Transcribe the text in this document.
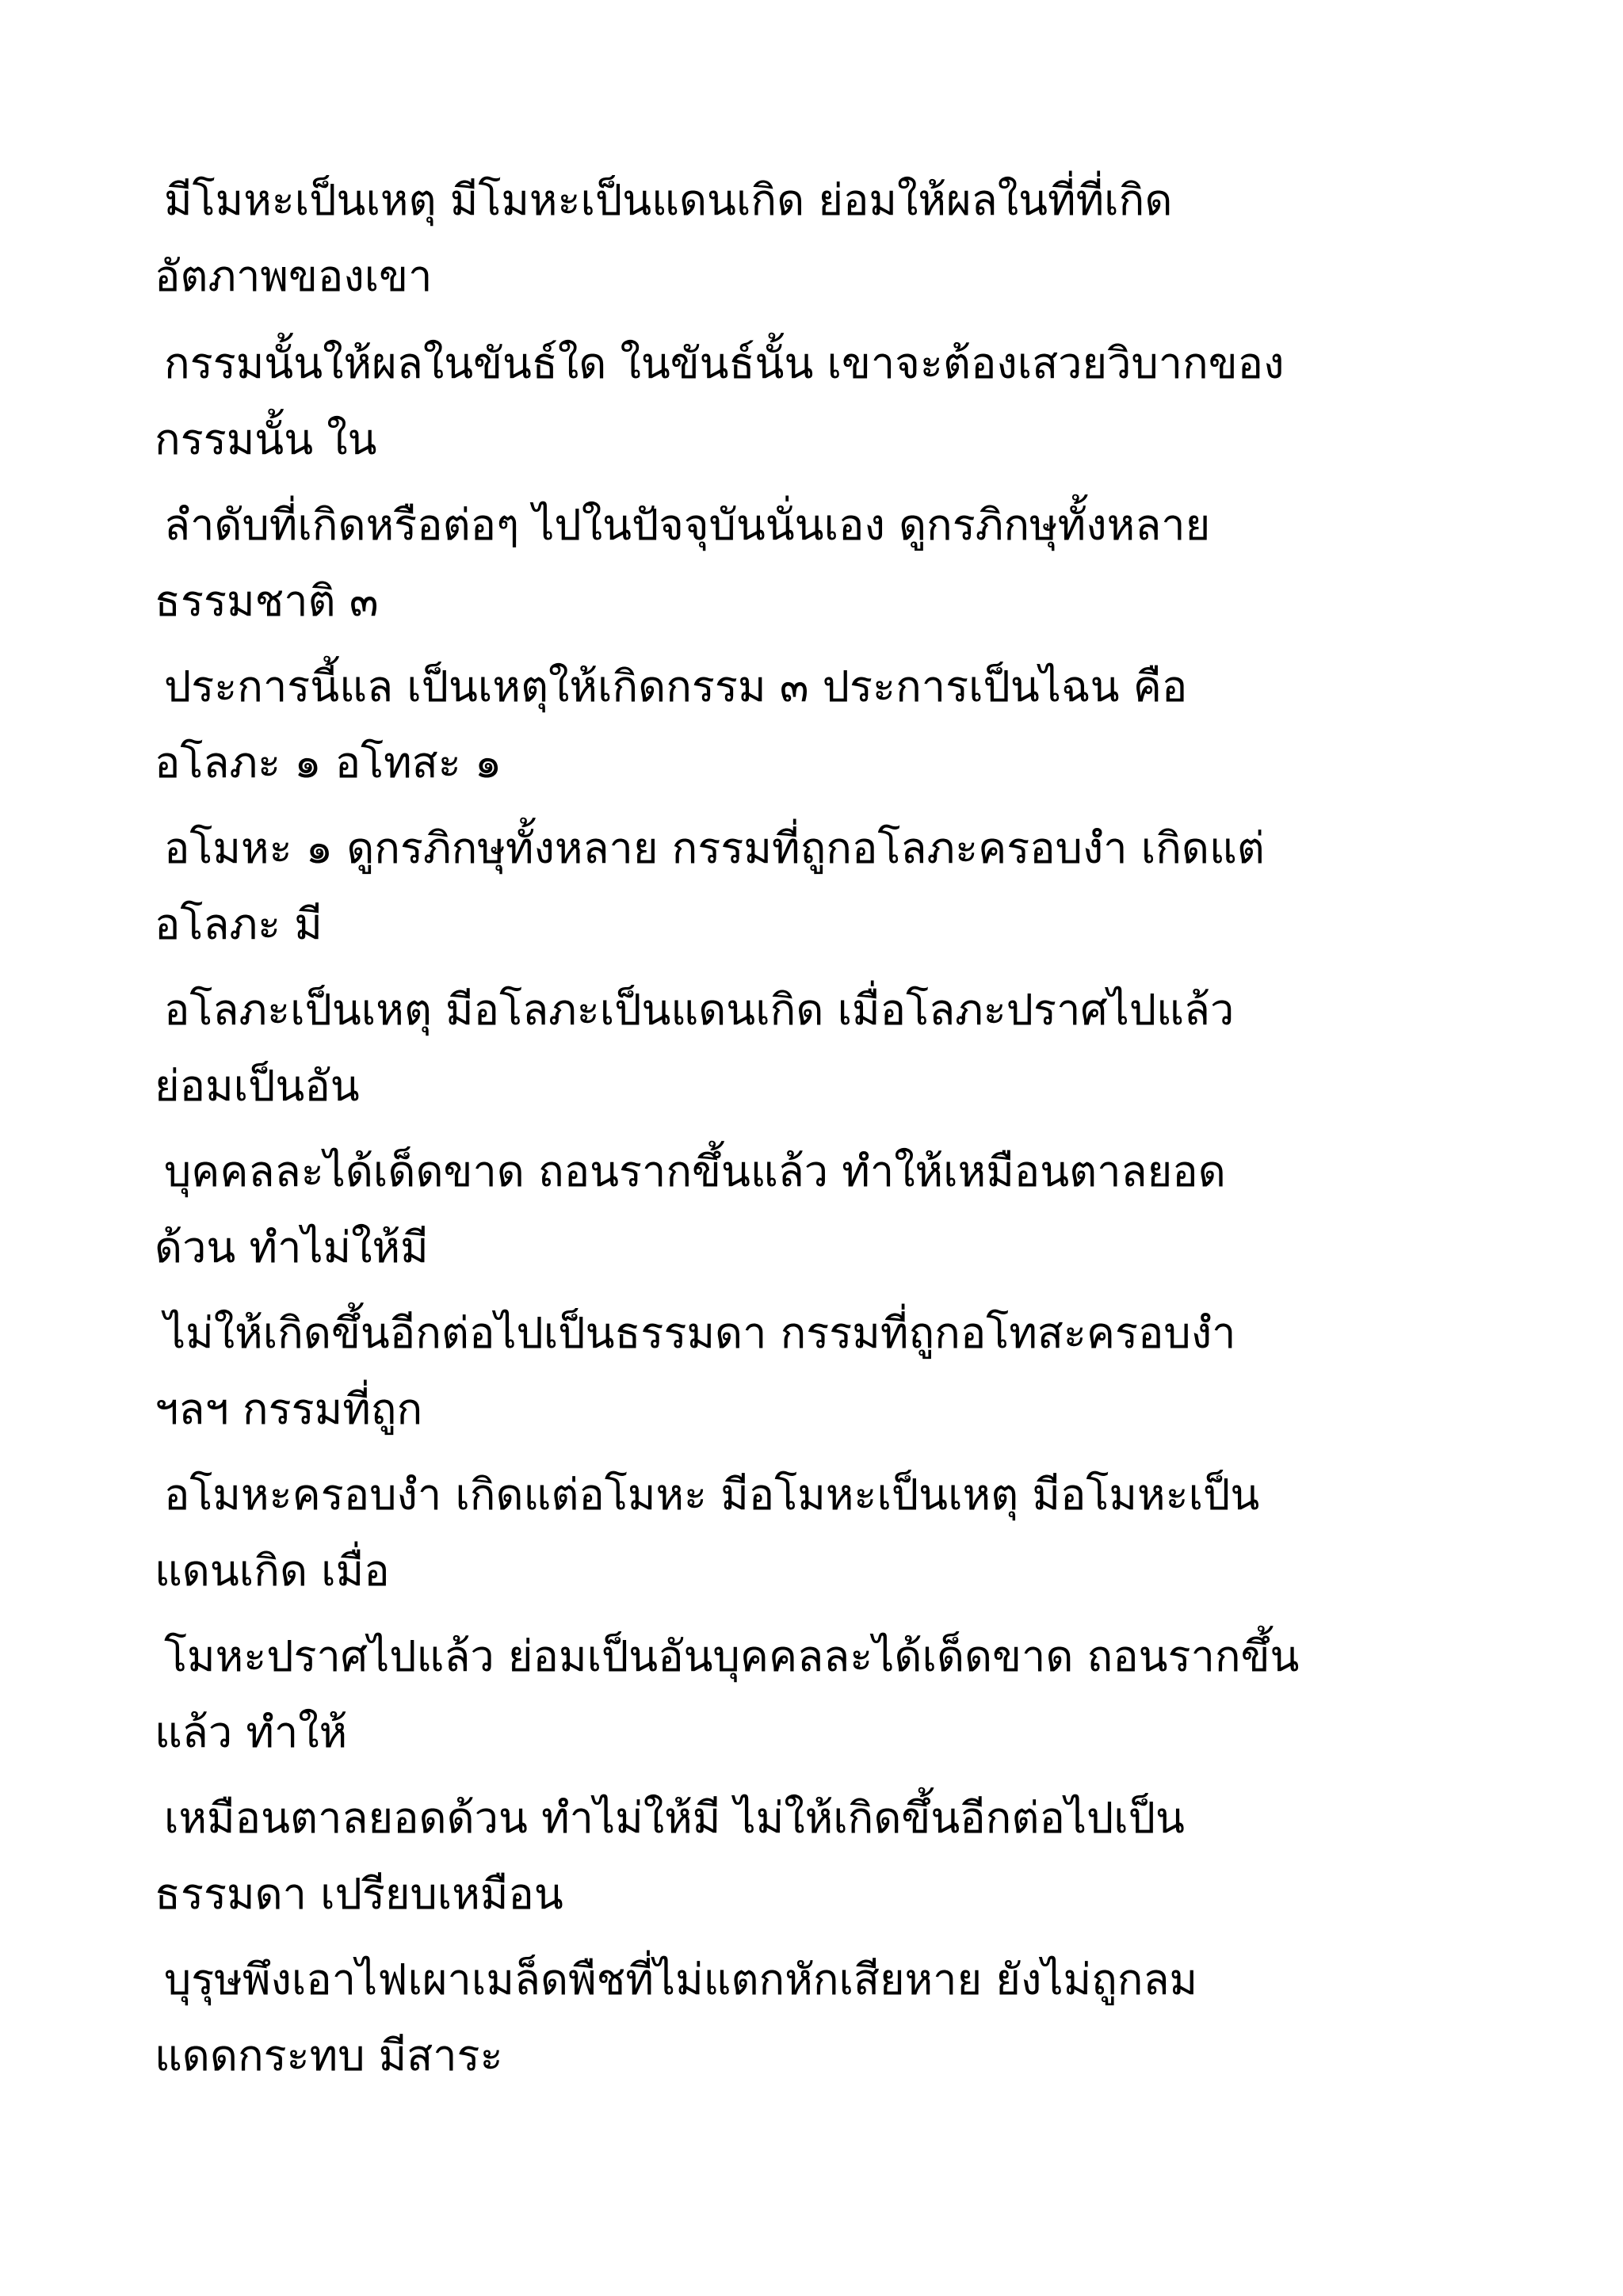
มีโมหะเป็นเหตุ มีโมหะเป็นแดนเกิด ย่อมให้ผลในที่ที่เกิด
อัตภาพของเขา
กรรมนั้นให้ผลในขันธ์ใด ในขันธ์นั้น เขาจะต้องเสวยวิบากของ
กรรมนั้น ใน
ลำดับที่เกิดหรือต่อๆ ไปในปัจจุบันนั่นเอง ดูกรภิกษุทั้งหลาย
ธรรมชาติ ๓
ประการนี้แล เป็นเหตุให้เกิดกรรม ๓ ประการเป็นไฉน คือ
อโลภะ ๑ อโทสะ ๑
อโมหะ ๑ ดูกรภิกษุทั้งหลาย กรรมที่ถูกอโลภะครอบงำ เกิดแต่
อโลภะ มี
อโลภะเป็นเหตุ มีอโลภะเป็นแดนเกิด เมื่อโลภะปราศไปแล้ว
ย่อมเป็นอัน
บุคคลละได้เด็ดขาด ถอนรากขึ้นแล้ว ทำให้เหมือนตาลยอด
ด้วน ทำไม่ให้มี
ไม่ให้เกิดขึ้นอีกต่อไปเป็นธรรมดา กรรมที่ถูกอโทสะครอบงำ
ฯลฯ กรรมที่ถูก
อโมหะครอบงำ เกิดแต่อโมหะ มีอโมหะเป็นเหตุ มีอโมหะเป็น
แดนเกิด เมื่อ
โมหะปราศไปแล้ว ย่อมเป็นอันบุคคลละได้เด็ดขาด ถอนรากขึ้น
แล้ว ทำให้
เหมือนตาลยอดด้วน ทำไม่ให้มี ไม่ให้เกิดขึ้นอีกต่อไปเป็น
ธรรมดา เปรียบเหมือน
บุรุษพึงเอาไฟเผาเมล็ดพืชที่ไม่แตกหักเสียหาย ยังไม่ถูกลม
แดดกระทบ มีสาระ
